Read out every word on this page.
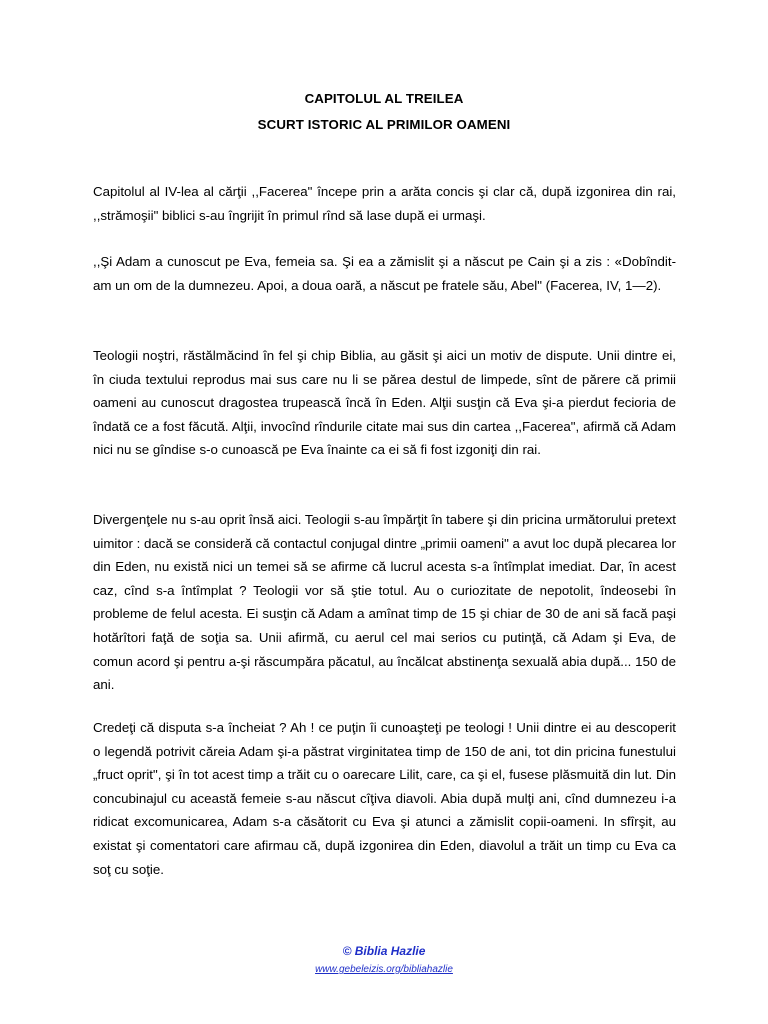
CAPITOLUL AL TREILEA
SCURT ISTORIC AL PRIMILOR OAMENI

Capitolul al IV-lea al cărţii ,,Facerea" începe prin a arăta concis şi clar că, după izgonirea din rai, ,,strămoşii" biblici s-au îngrijit în primul rînd să lase după ei urmaşi.

,,Şi Adam a cunoscut pe Eva, femeia sa. Şi ea a zămislit şi a născut pe Cain şi a zis : «Dobîndit-am un om de la dumnezeu. Apoi, a doua oară, a născut pe fratele său, Abel" (Facerea, IV, 1—2).

Teologii noştri, răstălmăcind în fel şi chip Biblia, au găsit şi aici un motiv de dispute. Unii dintre ei, în ciuda textului reprodus mai sus care nu li se părea destul de limpede, sînt de părere că primii oameni au cunoscut dragostea trupească încă în Eden. Alţii susţin că Eva şi-a pierdut fecioria de îndată ce a fost făcută. Alţii, invocînd rîndurile citate mai sus din cartea ,,Facerea", afirmă că Adam nici nu se gîndise s-o cunoască pe Eva înainte ca ei să fi fost izgoniţi din rai.

Divergenţele nu s-au oprit însă aici. Teologii s-au împărţit în tabere şi din pricina următorului pretext uimitor : dacă se consideră că contactul conjugal dintre „primii oameni" a avut loc după plecarea lor din Eden, nu există nici un temei să se afirme că lucrul acesta s-a întîmplat imediat. Dar, în acest caz, cînd s-a întîmplat ? Teologii vor să ştie totul. Au o curiozitate de nepotolit, îndeosebi în probleme de felul acesta. Ei susţin că Adam a amînat timp de 15 şi chiar de 30 de ani să facă paşi hotărîtori faţă de soţia sa. Unii afirmă, cu aerul cel mai serios cu putinţă, că Adam şi Eva, de comun acord şi pentru a-şi răscumpăra păcatul, au încălcat abstinenţa sexuală abia după... 150 de ani.

Credeţi că disputa s-a încheiat ? Ah ! ce puţin îi cunoaşteţi pe teologi ! Unii dintre ei au descoperit o legendă potrivit căreia Adam şi-a păstrat virginitatea timp de 150 de ani, tot din pricina funestului „fruct oprit", şi în tot acest timp a trăit cu o oarecare Lilit, care, ca şi el, fusese plăsmuită din lut. Din concubinajul cu această femeie s-au născut cîţiva diavoli. Abia după mulţi ani, cînd dumnezeu i-a ridicat excomunicarea, Adam s-a căsătorit cu Eva şi atunci a zămislit copii-oameni. In sfîrşit, au existat şi comentatori care afirmau că, după izgonirea din Eden, diavolul a trăit un timp cu Eva ca soţ cu soţie.

© Biblia Hazlie
www.gebeleizis.org/bibliahazlie
